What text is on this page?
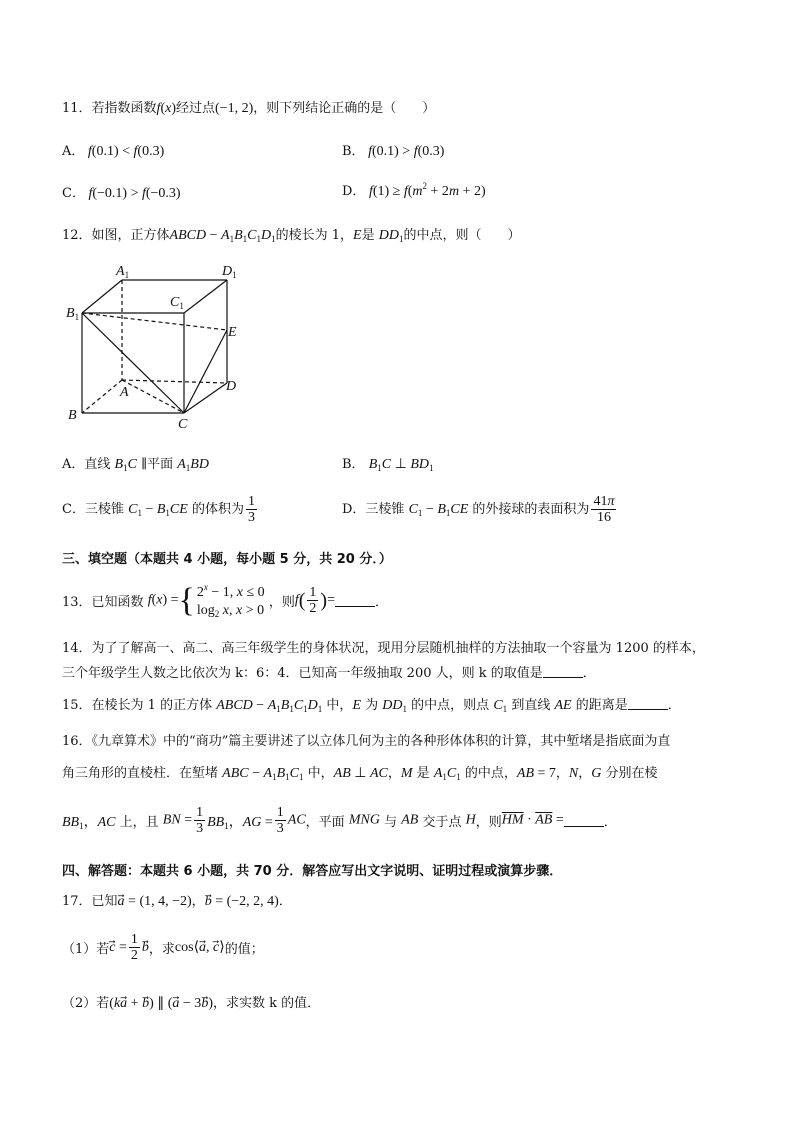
11．若指数函数f(x)经过点(−1, 2)，则下列结论正确的是（　　）
A． f(0.1) < f(0.3)	B． f(0.1) > f(0.3)
C． f(−0.1) > f(−0.3)	D． $f(1) \ge f(m^2 + 2m + 2)$
12．如图，正方体ABCD − $A_1B_1C_1D_1$的棱长为 1，E是 $DD_1$的中点，则（　　）
$A_1$	$D_1$
$C_1$
$B_1$
E
A	D
B
C
A．直线 $B_1C$ ∥平面 $A_1BD$	B． $B_1C$ ⊥ $BD_1$
C．三棱锥 $C_1 - B_1CE$ 的体积为 $\frac{1}{3}$	D．三棱锥 $C_1 - B_1CE$ 的外接球的表面积为 $\frac{41\pi}{16}$
三、填空题（本题共 4 小题，每小题 5 分，共 20 分．）
13．已知函数 f(x) ={ $2^x - 1$, x ≤ 0
$\log_2 x$, x > 0 ，则$f( \frac{1}{2}$ )=	．
14．为了了解高一、高二、高三年级学生的身体状况，现用分层随机抽样的方法抽取一个容量为 1200 的样本，
三个年级学生人数之比依次为 k：6：4．已知高一年级抽取 200 人，则 k 的取值是	．
15．在棱长为 1 的正方体 ABCD − $A_1B_1C_1D_1$ 中，E 为 $DD_1$ 的中点，则点 $C_1$ 到直线 AE 的距离是	．
16．《九章算术》中的“商功”篇主要讲述了以立体几何为主的各种形体体积的计算，其中堑堵是指底面为直
角三角形的直棱柱．在堑堵 ABC − $A_1B_1C_1$ 中，AB ⊥ AC，M 是 $A_1C_1$ 的中点，AB = 7，N，G 分别在棱
$BB_1$，AC 上，且 BN = $\frac{1}{3} BB_1$，AG = $\frac{1}{3}$ AC，平面 MNG 与 AB 交于点 H，则$\overline{HM} \cdot \overline{AB}$ =	．
四、解答题：本题共 6 小题，共 70 分．解答应写出文字说明、证明过程或演算步骤．
17．已知a⃗ = (1, 4, −2)，b⃗ = (−2, 2, 4)．
（1）若c⃗ = $\frac{1}{2}$ b，求cos⟨a⃗, c⃗⟩的值；
（2）若(ka⃗ + b⃗) ∥ (a⃗ − 3b⃗)，求实数 k 的值．
